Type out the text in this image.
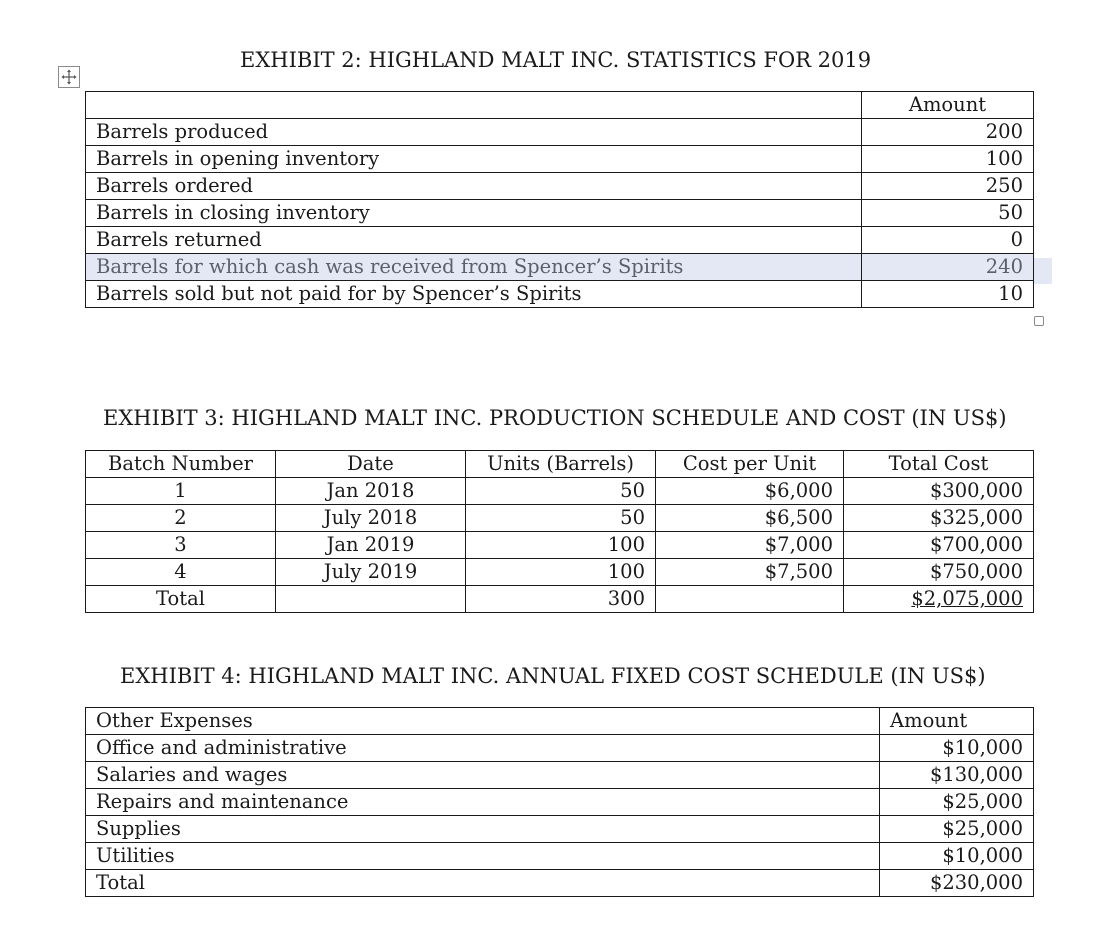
EXHIBIT 2: HIGHLAND MALT INC. STATISTICS FOR 2019
	Amount
Barrels produced	200
Barrels in opening inventory	100
Barrels ordered	250
Barrels in closing inventory	50
Barrels returned	0
Barrels for which cash was received from Spencer’s Spirits	240
Barrels sold but not paid for by Spencer’s Spirits	10
EXHIBIT 3: HIGHLAND MALT INC. PRODUCTION SCHEDULE AND COST (IN US$)
Batch Number	Date	Units (Barrels)	Cost per Unit	Total Cost
1	Jan 2018	50	$6,000	$300,000
2	July 2018	50	$6,500	$325,000
3	Jan 2019	100	$7,000	$700,000
4	July 2019	100	$7,500	$750,000
Total		300		$2,075,000
EXHIBIT 4: HIGHLAND MALT INC. ANNUAL FIXED COST SCHEDULE (IN US$)
Other Expenses	Amount
Office and administrative	$10,000
Salaries and wages	$130,000
Repairs and maintenance	$25,000
Supplies	$25,000
Utilities	$10,000
Total	$230,000
